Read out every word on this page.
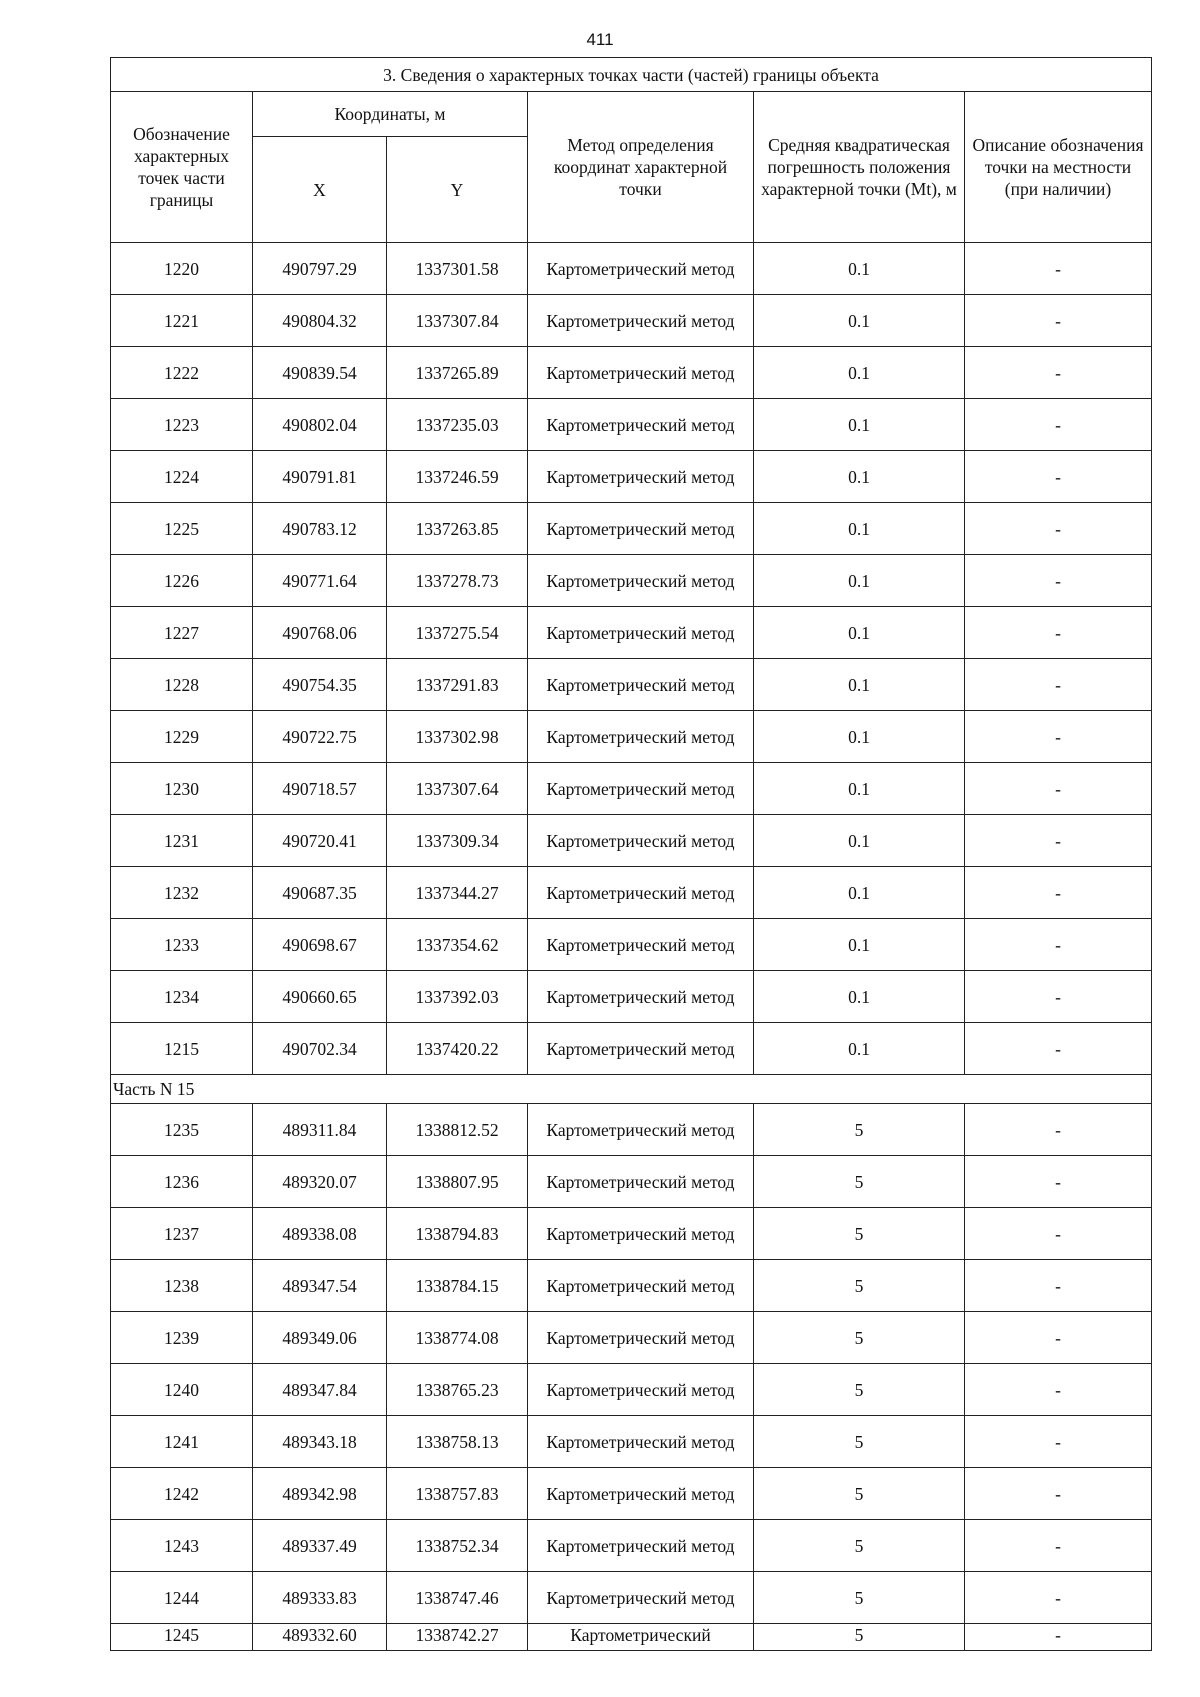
411
3. Сведения о характерных точках части (частей) границы объекта					
Обозначение характерных точек части границы	Координаты, м		Метод определения координат характерной точки	Средняя квадратическая погрешность положения характерной точки (Mt), м	Описание обозначения точки на местности (при наличии)
	X	Y			
1220	490797.29	1337301.58	Картометрический метод	0.1	-
1221	490804.32	1337307.84	Картометрический метод	0.1	-
1222	490839.54	1337265.89	Картометрический метод	0.1	-
1223	490802.04	1337235.03	Картометрический метод	0.1	-
1224	490791.81	1337246.59	Картометрический метод	0.1	-
1225	490783.12	1337263.85	Картометрический метод	0.1	-
1226	490771.64	1337278.73	Картометрический метод	0.1	-
1227	490768.06	1337275.54	Картометрический метод	0.1	-
1228	490754.35	1337291.83	Картометрический метод	0.1	-
1229	490722.75	1337302.98	Картометрический метод	0.1	-
1230	490718.57	1337307.64	Картометрический метод	0.1	-
1231	490720.41	1337309.34	Картометрический метод	0.1	-
1232	490687.35	1337344.27	Картометрический метод	0.1	-
1233	490698.67	1337354.62	Картометрический метод	0.1	-
1234	490660.65	1337392.03	Картометрический метод	0.1	-
1215	490702.34	1337420.22	Картометрический метод	0.1	-
Часть N 15					
1235	489311.84	1338812.52	Картометрический метод	5	-
1236	489320.07	1338807.95	Картометрический метод	5	-
1237	489338.08	1338794.83	Картометрический метод	5	-
1238	489347.54	1338784.15	Картометрический метод	5	-
1239	489349.06	1338774.08	Картометрический метод	5	-
1240	489347.84	1338765.23	Картометрический метод	5	-
1241	489343.18	1338758.13	Картометрический метод	5	-
1242	489342.98	1338757.83	Картометрический метод	5	-
1243	489337.49	1338752.34	Картометрический метод	5	-
1244	489333.83	1338747.46	Картометрический метод	5	-
1245	489332.60	1338742.27	Картометрический	5	-
